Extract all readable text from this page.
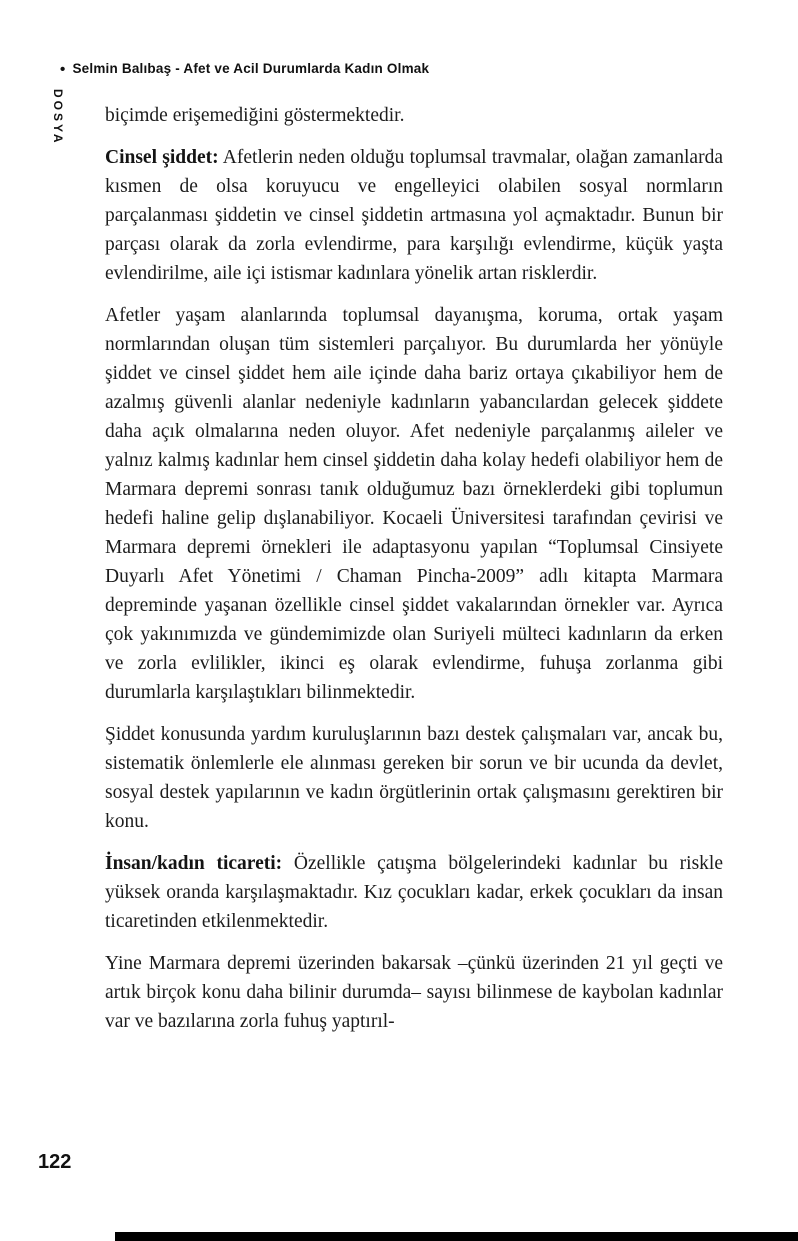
• Selmin Balıbaş - Afet ve Acil Durumlarda Kadın Olmak
DOSYA biçimde erişemediğini göstermektedir.

Cinsel şiddet: Afetlerin neden olduğu toplumsal travmalar, olağan zamanlarda kısmen de olsa koruyucu ve engelleyici olabilen sosyal normların parçalanması şiddetin ve cinsel şiddetin artmasına yol açmaktadır. Bunun bir parçası olarak da zorla evlendirme, para karşılığı evlendirme, küçük yaşta evlendirilme, aile içi istismar kadınlara yönelik artan risklerdir.

Afetler yaşam alanlarında toplumsal dayanışma, koruma, ortak yaşam normlarından oluşan tüm sistemleri parçalıyor. Bu durumlarda her yönüyle şiddet ve cinsel şiddet hem aile içinde daha bariz ortaya çıkabiliyor hem de azalmış güvenli alanlar nedeniyle kadınların yabancılardan gelecek şiddete daha açık olmalarına neden oluyor. Afet nedeniyle parçalanmış aileler ve yalnız kalmış kadınlar hem cinsel şiddetin daha kolay hedefi olabiliyor hem de Marmara depremi sonrası tanık olduğumuz bazı örneklerdeki gibi toplumun hedefi haline gelip dışlanabiliyor. Kocaeli Üniversitesi tarafından çevirisi ve Marmara depremi örnekleri ile adaptasyonu yapılan “Toplumsal Cinsiyete Duyarlı Afet Yönetimi / Chaman Pincha-2009” adlı kitapta Marmara depreminde yaşanan özellikle cinsel şiddet vakalarından örnekler var. Ayrıca çok yakınımızda ve gündemimizde olan Suriyeli mülteci kadınların da erken ve zorla evlilikler, ikinci eş olarak evlendirme, fuhuşa zorlanma gibi durumlarla karşılaştıkları bilinmektedir.

Şiddet konusunda yardım kuruluşlarının bazı destek çalışmaları var, ancak bu, sistematik önlemlerle ele alınması gereken bir sorun ve bir ucunda da devlet, sosyal destek yapılarının ve kadın örgütlerinin ortak çalışmasını gerektiren bir konu.

İnsan/kadın ticareti: Özellikle çatışma bölgelerindeki kadınlar bu riskle yüksek oranda karşılaşmaktadır. Kız çocukları kadar, erkek çocukları da insan ticaretinden etkilenmektedir.

Yine Marmara depremi üzerinden bakarsak –çünkü üzerinden 21 yıl geçti ve artık birçok konu daha bilinir durumda– sayısı bilinmese de kaybolan kadınlar var ve bazılarına zorla fuhuş yaptırıl-

122
